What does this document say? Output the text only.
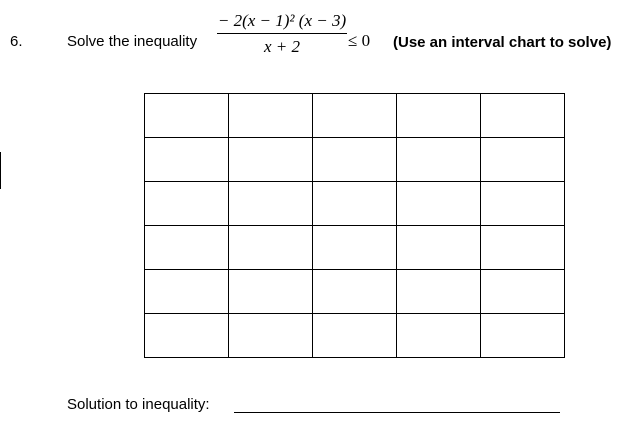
6.	Solve the inequality
− 2(x − 1)² (x − 3)
x + 2	≤ 0 (Use an interval chart to solve)

Solution to inequality:
